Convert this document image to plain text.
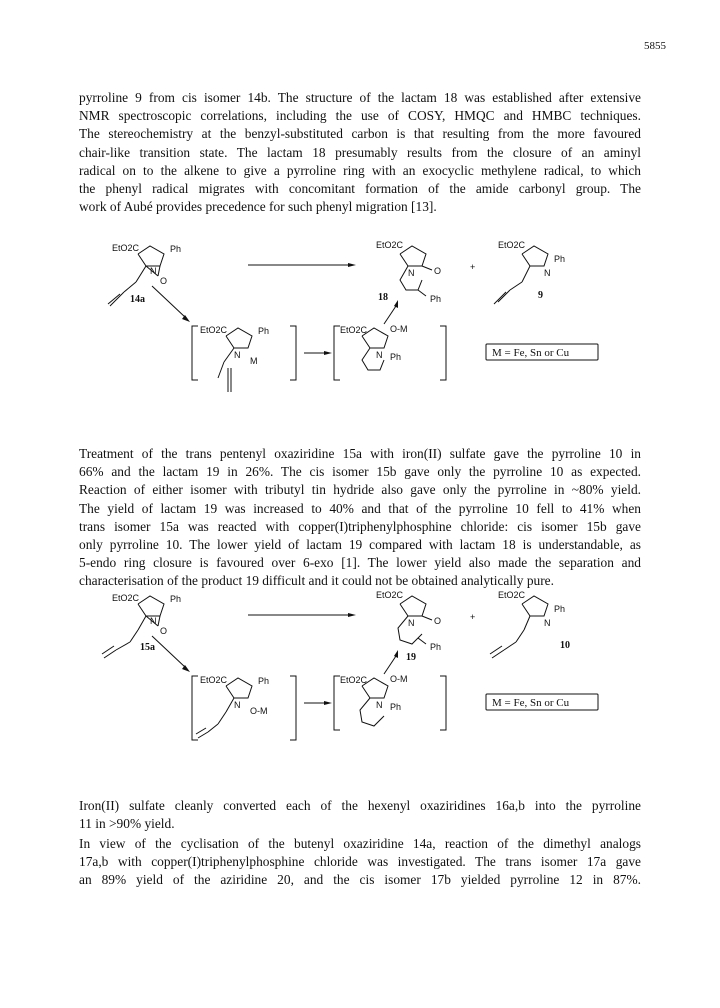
5855

pyrroline 9 from cis isomer 14b. The structure of the lactam 18 was established after extensive
NMR spectroscopic correlations, including the use of COSY, HMQC and HMBC techniques.
The stereochemistry at the benzyl-substituted carbon is that resulting from the more favoured
chair-like transition state. The lactam 18 presumably results from the closure of an aminyl
radical on to the alkene to give a pyrroline ring with an exocyclic methylene radical, to which
the phenyl radical migrates with concomitant formation of the amide carbonyl group. The
work of Aubé provides precedence for such phenyl migration [13].

EtO2C	Ph
N
O
14a
EtO2C
N O
Ph
18
+
EtO2C
N
Ph
9
EtO2C	Ph
N
M
EtO2C	O-M
N Ph	M = Fe, Sn or Cu

Treatment of the trans pentenyl oxaziridine 15a with iron(II) sulfate gave the pyrroline 10 in
66% and the lactam 19 in 26%. The cis isomer 15b gave only the pyrroline 10 as expected.
Reaction of either isomer with tributyl tin hydride also gave only the pyrroline in ~80% yield.
The yield of lactam 19 was increased to 40% and that of the pyrroline 10 fell to 41% when
trans isomer 15a was reacted with copper(I)triphenylphosphine chloride: cis isomer 15b gave
only pyrroline 10. The lower yield of lactam 19 compared with lactam 18 is understandable, as
5-endo ring closure is favoured over 6-exo [1]. The lower yield also made the separation and
characterisation of the product 19 difficult and it could not be obtained analytically pure.

EtO2C	Ph
N
O
15a
EtO2C
N O
Ph
19
+
EtO2C
N
Ph
10
EtO2C	Ph
N
O-M
EtO2C	O-M
N Ph	M = Fe, Sn or Cu

Iron(II) sulfate cleanly converted each of the hexenyl oxaziridines 16a,b into the pyrroline
11 in >90% yield.

In view of the cyclisation of the butenyl oxaziridine 14a, reaction of the dimethyl analogs
17a,b with copper(I)triphenylphosphine chloride was investigated. The trans isomer 17a gave
an 89% yield of the aziridine 20, and the cis isomer 17b yielded pyrroline 12 in 87%.
